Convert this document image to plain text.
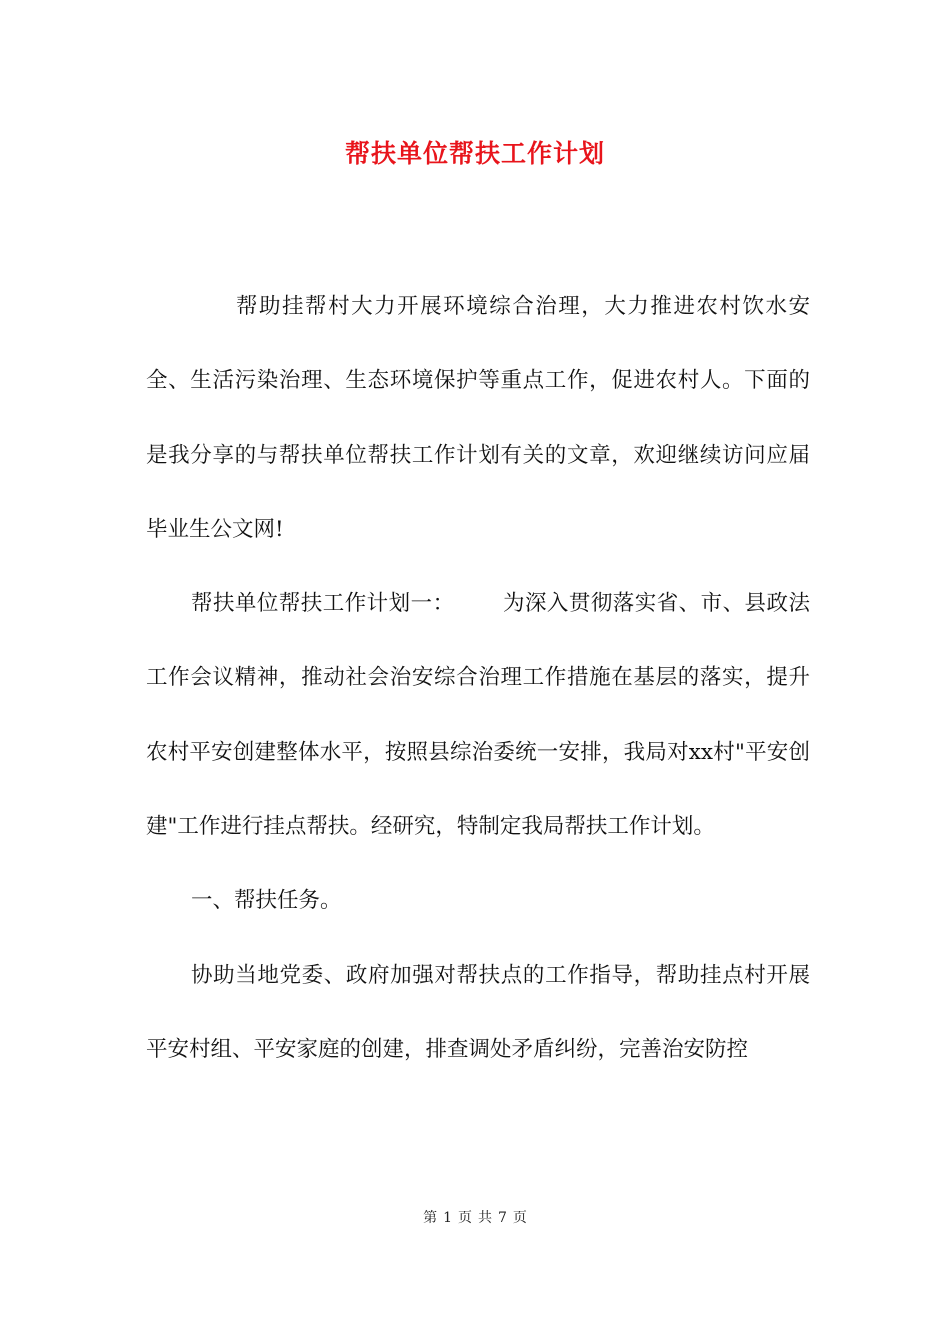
帮扶单位帮扶工作计划

帮助挂帮村大力开展环境综合治理，大力推进农村饮水安全、生活污染治理、生态环境保护等重点工作，促进农村人。下面的是我分享的与帮扶单位帮扶工作计划有关的文章，欢迎继续访问应届毕业生公文网!

帮扶单位帮扶工作计划一： 为深入贯彻落实省、市、县政法工作会议精神，推动社会治安综合治理工作措施在基层的落实，提升农村平安创建整体水平，按照县综治委统一安排，我局对xx村"平安创建"工作进行挂点帮扶。经研究，特制定我局帮扶工作计划。

一、帮扶任务。

协助当地党委、政府加强对帮扶点的工作指导，帮助挂点村开展平安村组、平安家庭的创建，排查调处矛盾纠纷，完善治安防控

第 1 页 共 7 页
